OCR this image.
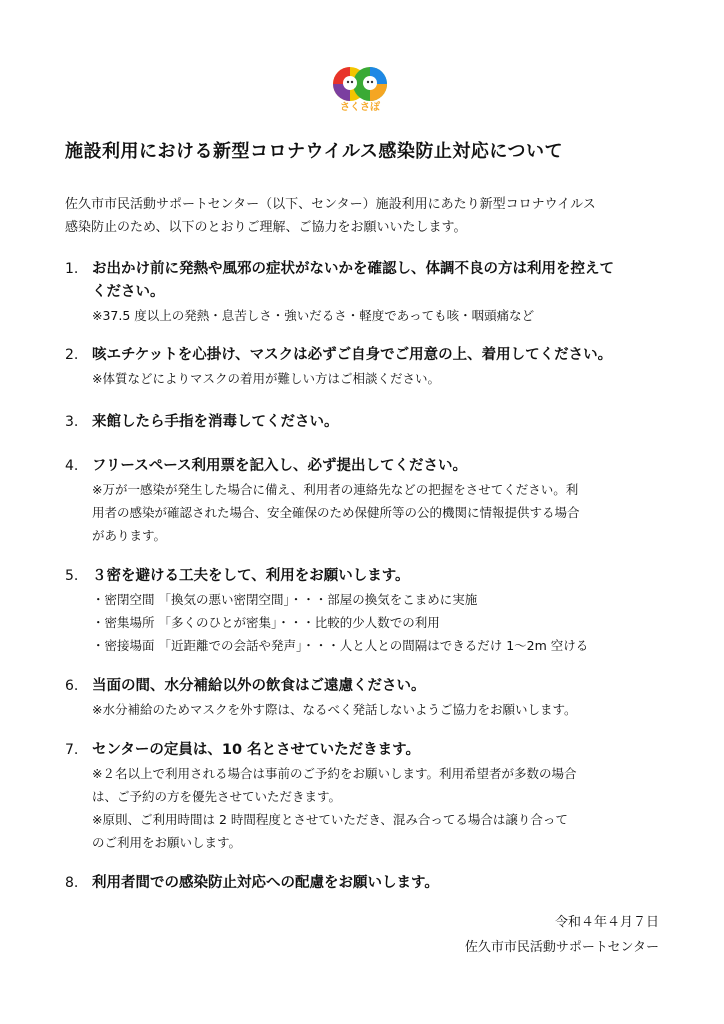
さくさぽ
施設利用における新型コロナウイルス感染防止対応について
佐久市市民活動サポートセンター（以下、センター）施設利用にあたり新型コロナウイルス
感染防止のため、以下のとおりご理解、ご協力をお願いいたします。
1. お出かけ前に発熱や風邪の症状がないかを確認し、体調不良の方は利用を控えて
ください。
※37.5 度以上の発熱・息苦しさ・強いだるさ・軽度であっても咳・咽頭痛など
2. 咳エチケットを心掛け、マスクは必ずご自身でご用意の上、着用してください。
※体質などによりマスクの着用が難しい方はご相談ください。
3. 来館したら手指を消毒してください。
4. フリースペース利用票を記入し、必ず提出してください。
※万が一感染が発生した場合に備え、利用者の連絡先などの把握をさせてください。利
用者の感染が確認された場合、安全確保のため保健所等の公的機関に情報提供する場合
があります。
5. ３密を避ける工夫をして、利用をお願いします。
・密閉空間 「換気の悪い密閉空間」・・・部屋の換気をこまめに実施
・密集場所 「多くのひとが密集」・・・比較的少人数での利用
・密接場面 「近距離での会話や発声」・・・人と人との間隔はできるだけ 1～2m 空ける
6. 当面の間、水分補給以外の飲食はご遠慮ください。
※水分補給のためマスクを外す際は、なるべく発話しないようご協力をお願いします。
7. センターの定員は、10 名とさせていただきます。
※２名以上で利用される場合は事前のご予約をお願いします。利用希望者が多数の場合
は、ご予約の方を優先させていただきます。
※原則、ご利用時間は 2 時間程度とさせていただき、混み合ってる場合は譲り合って
のご利用をお願いします。
8. 利用者間での感染防止対応への配慮をお願いします。
令和４年４月７日
佐久市市民活動サポートセンター
